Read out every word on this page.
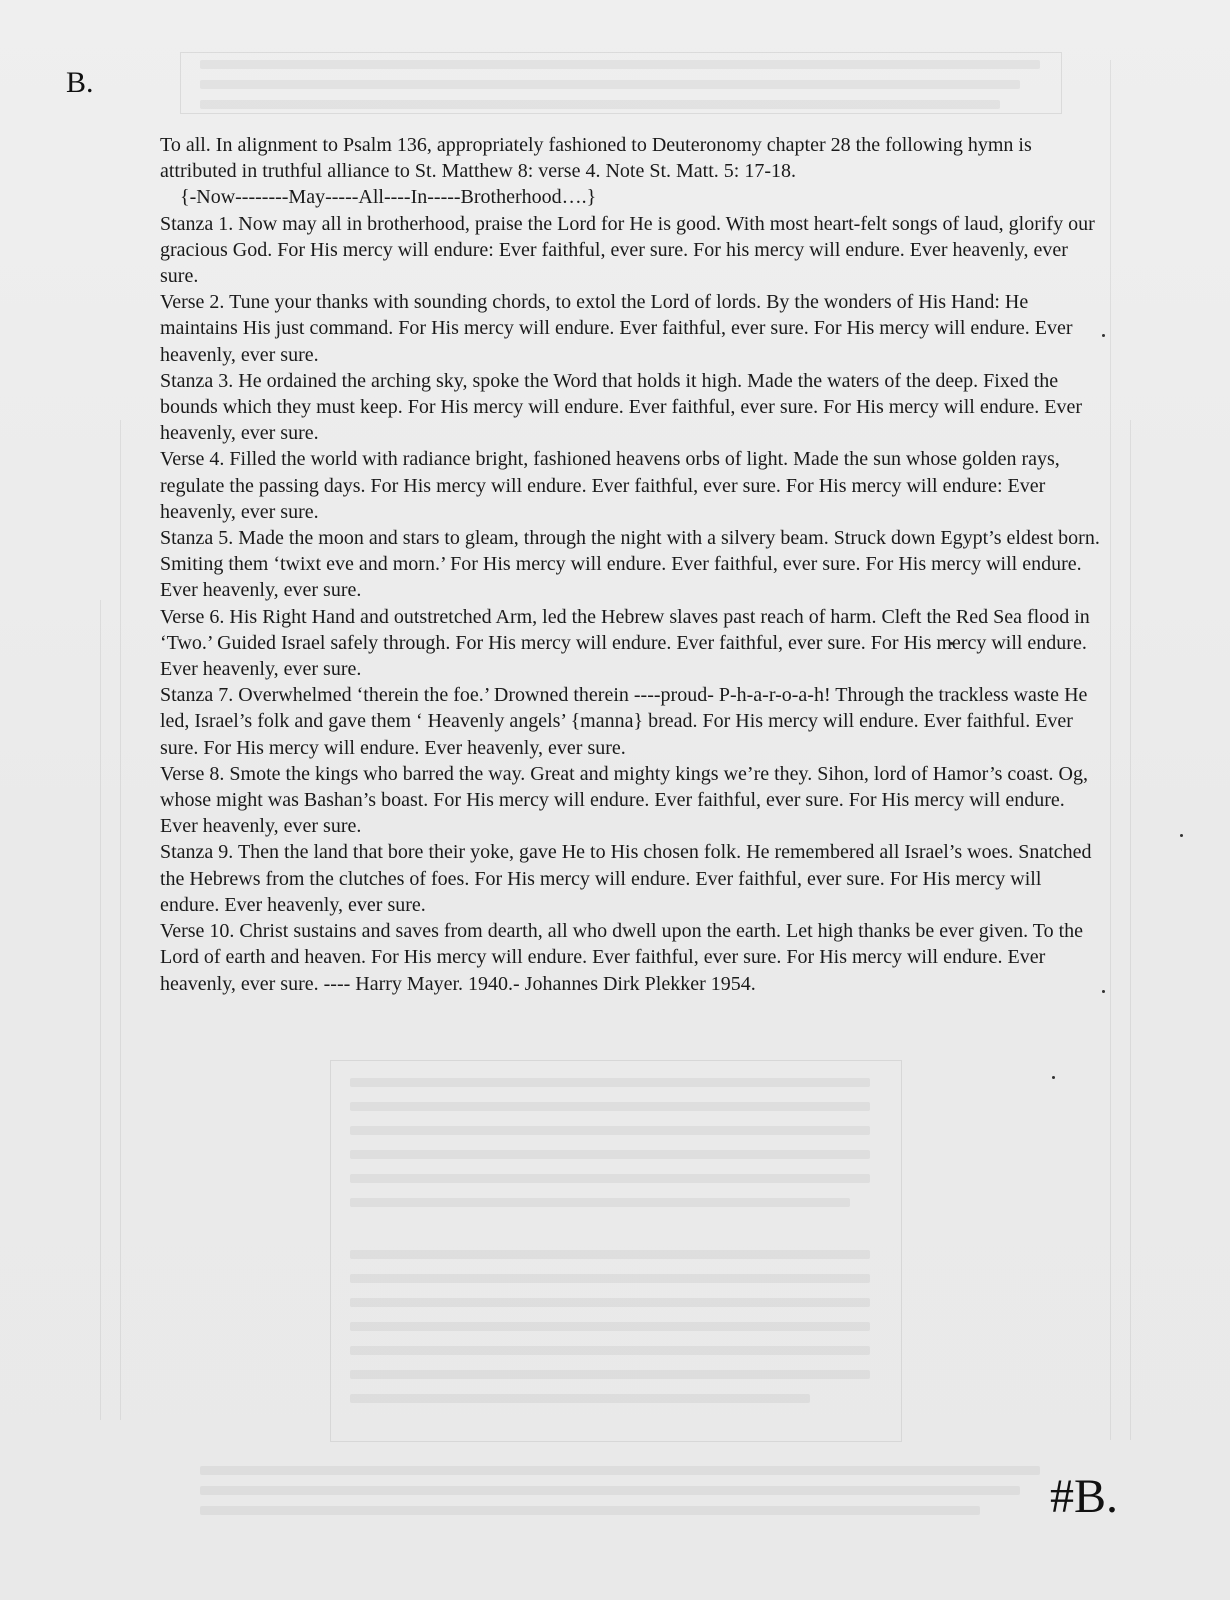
B.

To all. In alignment to Psalm 136, appropriately fashioned to Deuteronomy chapter 28 the following hymn is attributed in truthful alliance to St. Matthew 8: verse 4. Note St. Matt. 5: 17-18.

{-Now--------May-----All----In-----Brotherhood….}

Stanza 1. Now may all in brotherhood, praise the Lord for He is good. With most heart-felt songs of laud, glorify our gracious God. For His mercy will endure: Ever faithful, ever sure. For his mercy will endure. Ever heavenly, ever sure.

Verse 2. Tune your thanks with sounding chords, to extol the Lord of lords. By the wonders of His Hand: He maintains His just command. For His mercy will endure. Ever faithful, ever sure. For His mercy will endure. Ever heavenly, ever sure.

Stanza 3. He ordained the arching sky, spoke the Word that holds it high. Made the waters of the deep. Fixed the bounds which they must keep. For His mercy will endure. Ever faithful, ever sure. For His mercy will endure. Ever heavenly, ever sure.

Verse 4. Filled the world with radiance bright, fashioned heavens orbs of light. Made the sun whose golden rays, regulate the passing days. For His mercy will endure. Ever faithful, ever sure. For His mercy will endure: Ever heavenly, ever sure.

Stanza 5. Made the moon and stars to gleam, through the night with a silvery beam. Struck down Egypt’s eldest born. Smiting them ‘twixt eve and morn.’ For His mercy will endure. Ever faithful, ever sure. For His mercy will endure. Ever heavenly, ever sure.

Verse 6. His Right Hand and outstretched Arm, led the Hebrew slaves past reach of harm. Cleft the Red Sea flood in ‘Two.’ Guided Israel safely through. For His mercy will endure. Ever faithful, ever sure. For His mercy will endure. Ever heavenly, ever sure.

Stanza 7. Overwhelmed ‘therein the foe.’ Drowned therein ----proud- P-h-a-r-o-a-h! Through the trackless waste He led, Israel’s folk and gave them ‘ Heavenly angels’ {manna} bread. For His mercy will endure. Ever faithful. Ever sure. For His mercy will endure. Ever heavenly, ever sure.

Verse 8. Smote the kings who barred the way. Great and mighty kings we’re they. Sihon, lord of Hamor’s coast. Og, whose might was Bashan’s boast. For His mercy will endure. Ever faithful, ever sure. For His mercy will endure. Ever heavenly, ever sure.

Stanza 9. Then the land that bore their yoke, gave He to His chosen folk. He remembered all Israel’s woes. Snatched the Hebrews from the clutches of foes. For His mercy will endure. Ever faithful, ever sure. For His mercy will endure. Ever heavenly, ever sure.

Verse 10. Christ sustains and saves from dearth, all who dwell upon the earth. Let high thanks be ever given. To the Lord of earth and heaven. For His mercy will endure. Ever faithful, ever sure. For His mercy will endure. Ever heavenly, ever sure. ---- Harry Mayer. 1940.- Johannes Dirk Plekker 1954.

#B.
